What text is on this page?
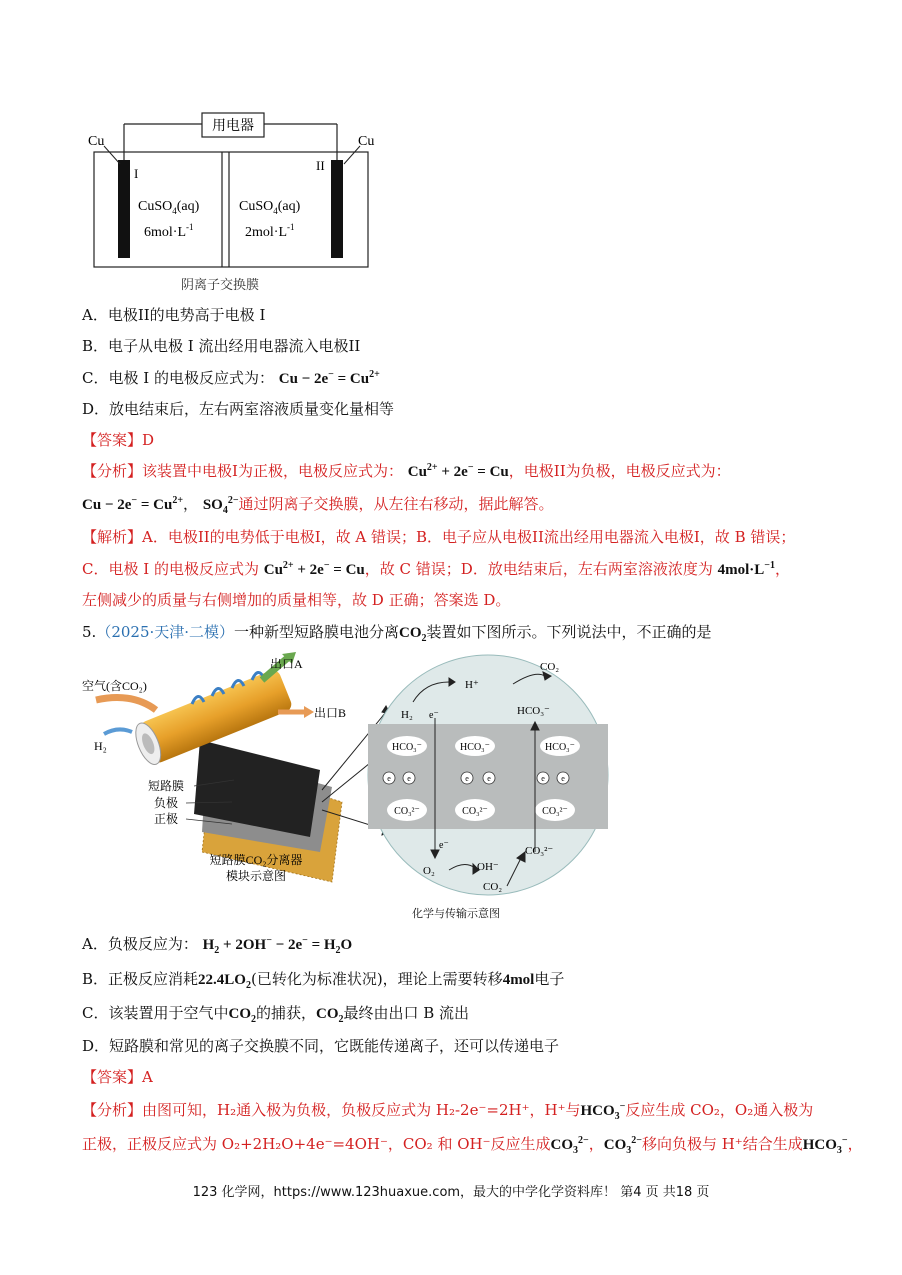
用电器
Cu	Cu
I
II
CuSO$_4$(aq)
$6mol\cdot L^{-1}$
CuSO$_4$(aq)
$2mol\cdot L^{-1}$
阴离子交换膜
A．电极II的电势高于电极 I
B．电子从电极 I 流出经用电器流入电极II
C．电极 I 的电极反应式为： $Cu - 2e^- = Cu^{2+}$
D．放电结束后，左右两室溶液质量变化量相等
【答案】D
【分析】该装置中电极I为正极，电极反应式为： $Cu^{2+} + 2e^- = Cu$，电极II为负极，电极反应式为：
$Cu - 2e^- = Cu^{2+}$， $SO_4^{2-}$通过阴离子交换膜，从左往右移动，据此解答。
【解析】A．电极II的电势低于电极I，故 A 错误；B．电子应从电极II流出经用电器流入电极I，故 B 错误；
C．电极 I 的电极反应式为 $Cu^{2+} + 2e^- = Cu$，故 C 错误；D．放电结束后，左右两室溶液浓度为 $4mol\cdot L^{-1}$，
左侧减少的质量与右侧增加的质量相等，故 D 正确；答案选 D。
5.（2025·天津·二模）一种新型短路膜电池分离$CO_2$装置如下图所示。下列说法中，不正确的是
出口A
空气(含CO₂)
出口B
H₂
短路膜
负极
正极
短路膜CO₂分离器
模块示意图
e e	e e	e e
CO₂
H⁺
H₂ e⁻	HCO₃⁻
HCO₃⁻	HCO₃⁻	HCO₃⁻
CO₃²⁻	CO₃²⁻	CO₃²⁻
e⁻
O₂	OH⁻
CO₃²⁻
CO₂
化学与传输示意图
A．负极反应为： $H_2 + 2OH^- - 2e^- = H_2O$
B．正极反应消耗$22.4LO_2$(已转化为标准状况)，理论上需要转移4mol电子
C．该装置用于空气中$CO_2$的捕获，$CO_2$最终由出口 B 流出
D．短路膜和常见的离子交换膜不同，它既能传递离子，还可以传递电子
【答案】A
【分析】由图可知，H₂通入极为负极，负极反应式为 H₂-2e⁻=2H⁺，H⁺与$HCO_3^-$反应生成 CO₂，O₂通入极为
正极，正极反应式为 O₂+2H₂O+4e⁻=4OH⁻，CO₂ 和 OH⁻反应生成$CO_3^{2-}$，$CO_3^{2-}$移向负极与 H⁺结合生成$HCO_3^-$，
123 化学网，https://www.123huaxue.com，最大的中学化学资料库！ 第4 页 共18 页
